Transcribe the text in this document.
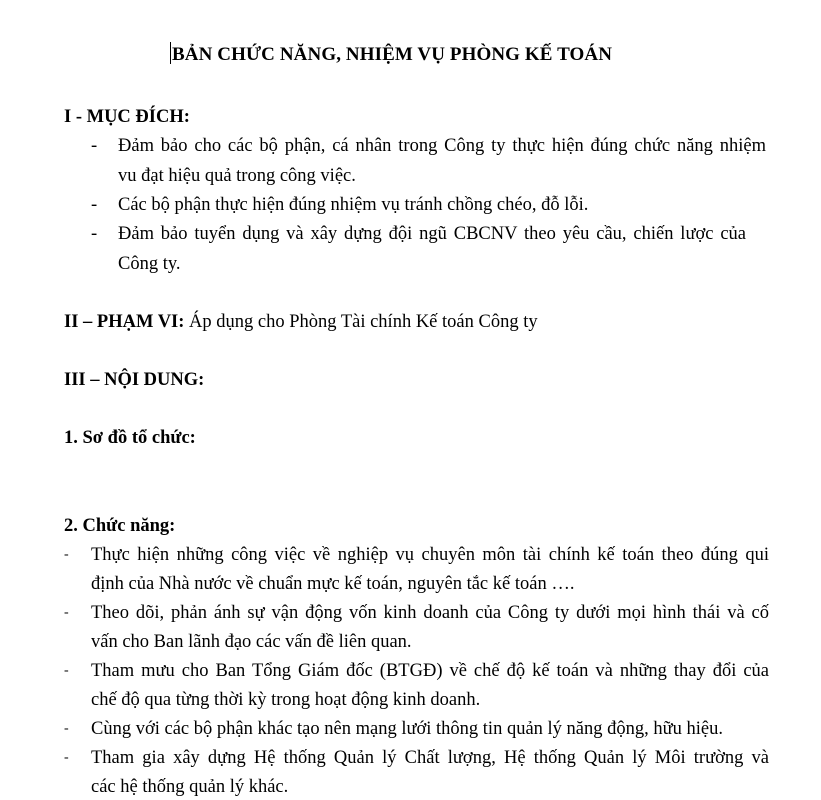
BẢN CHỨC NĂNG, NHIỆM VỤ PHÒNG KẾ TOÁN
I - MỤC ĐÍCH:
- Đảm bảo cho các bộ phận, cá nhân trong Công ty thực hiện đúng chức năng nhiệm
vu đạt hiệu quả trong công việc.
- Các bộ phận thực hiện đúng nhiệm vụ tránh chồng chéo, đỗ lỗi.
- Đảm bảo tuyển dụng và xây dựng đội ngũ CBCNV theo yêu cầu, chiến lược của
Công ty.
II – PHẠM VI: Áp dụng cho Phòng Tài chính Kế toán Công ty
III – NỘI DUNG:
1. Sơ đồ tổ chức:
2. Chức năng:
- Thực hiện những công việc về nghiệp vụ chuyên môn tài chính kế toán theo đúng qui
định của Nhà nước về chuẩn mực kế toán, nguyên tắc kế toán ….
- Theo dõi, phản ánh sự vận động vốn kinh doanh của Công ty dưới mọi hình thái và cố
vấn cho Ban lãnh đạo các vấn đề liên quan.
- Tham mưu cho Ban Tổng Giám đốc (BTGĐ) về chế độ kế toán và những thay đổi của
chế độ qua từng thời kỳ trong hoạt động kinh doanh.
- Cùng với các bộ phận khác tạo nên mạng lưới thông tin quản lý năng động, hữu hiệu.
- Tham gia xây dựng Hệ thống Quản lý Chất lượng, Hệ thống Quản lý Môi trường và
các hệ thống quản lý khác.
